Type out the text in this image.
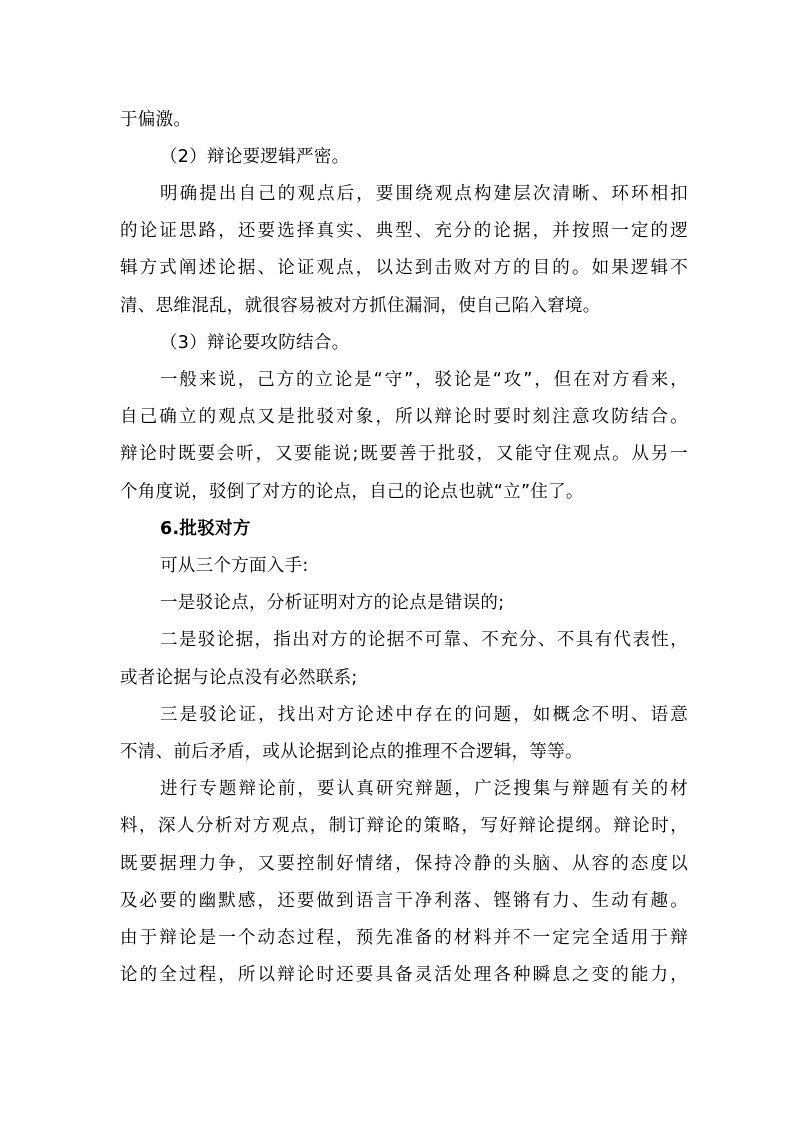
于偏激。
（2）辩论要逻辑严密。
明确提出自己的观点后，要围绕观点构建层次清晰、环环相扣
的论证思路，还要选择真实、典型、充分的论据，并按照一定的逻
辑方式阐述论据、论证观点，以达到击败对方的目的。如果逻辑不
清、思维混乱，就很容易被对方抓住漏洞，使自己陷入窘境。
（3）辩论要攻防结合。
一般来说，己方的立论是“守”，驳论是“攻”，但在对方看来，
自己确立的观点又是批驳对象，所以辩论时要时刻注意攻防结合。
辩论时既要会听，又要能说;既要善于批驳，又能守住观点。从另一
个角度说，驳倒了对方的论点，自己的论点也就“立”住了。
6.批驳对方
可从三个方面入手:
一是驳论点，分析证明对方的论点是错误的;
二是驳论据，指出对方的论据不可靠、不充分、不具有代表性，
或者论据与论点没有必然联系;
三是驳论证，找出对方论述中存在的问题，如概念不明、语意
不清、前后矛盾，或从论据到论点的推理不合逻辑，等等。
进行专题辩论前，要认真研究辩题，广泛搜集与辩题有关的材
料，深人分析对方观点，制订辩论的策略，写好辩论提纲。辩论时，
既要据理力争，又要控制好情绪，保持冷静的头脑、从容的态度以
及必要的幽默感，还要做到语言干净利落、铿锵有力、生动有趣。
由于辩论是一个动态过程，预先准备的材料并不一定完全适用于辩
论的全过程，所以辩论时还要具备灵活处理各种瞬息之变的能力，
